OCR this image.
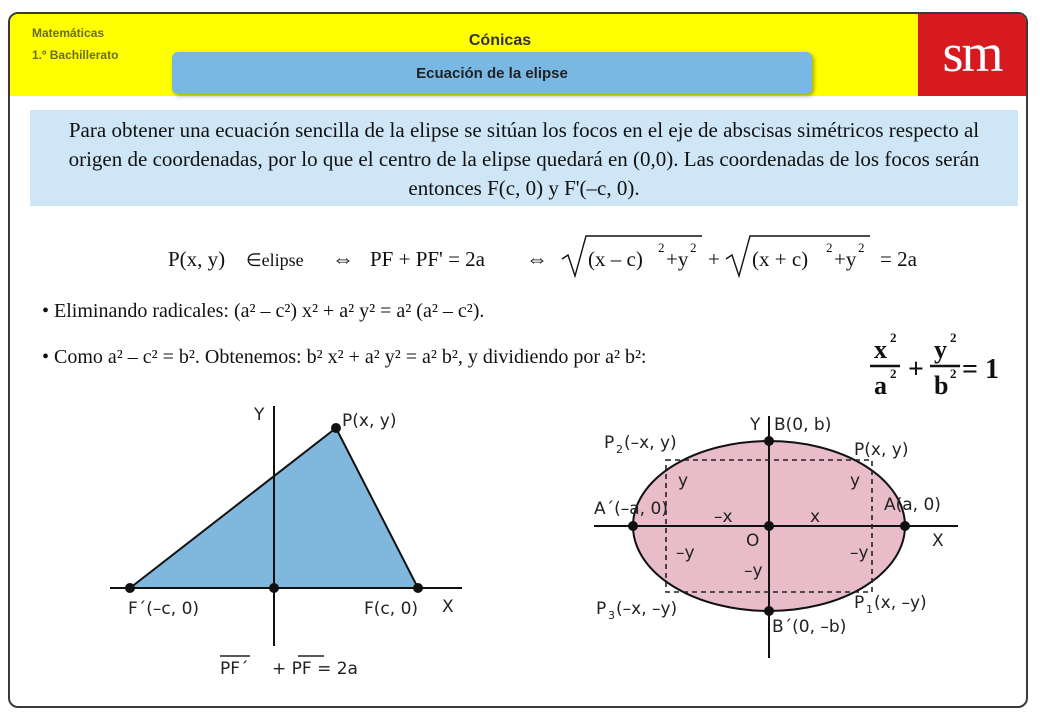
Matemáticas
1.º Bachillerato
Cónicas	sm
Ecuación de la elipse
Para obtener una ecuación sencilla de la elipse se sitúan los focos en el eje de abscisas simétricos respecto al origen de coordenadas, por lo que el centro de la elipse quedará en (0,0). Las coordenadas de los focos serán entonces F(c, 0) y F'(–c, 0).
P(x, y) ∈elipse ⇔ PF + PF' = 2a ⇔ (x – c) 2 +y 2 + (x + c) 2 +y 2 = 2a
• Eliminando radicales: (a² – c²) x² + a² y² = a² (a² – c²).
• Como a² – c² = b². Obtenemos: b² x² + a² y² = a² b², y dividiendo por a² b²:	x 2
a 2 +
y 2
b 2 = 1
Y	P(x, y)
X
F´(–c, 0)	F(c, 0)
PF´ + PF = 2a
Y B(0, b)
P 2 (–x, y)	P(x, y)
y	y
A´(–a, 0)	A(a, 0)
–x	x
O	X
–y	–y
–y
P 3 (–x, –y)	P 1 (x, –y)
B´(0, –b)
